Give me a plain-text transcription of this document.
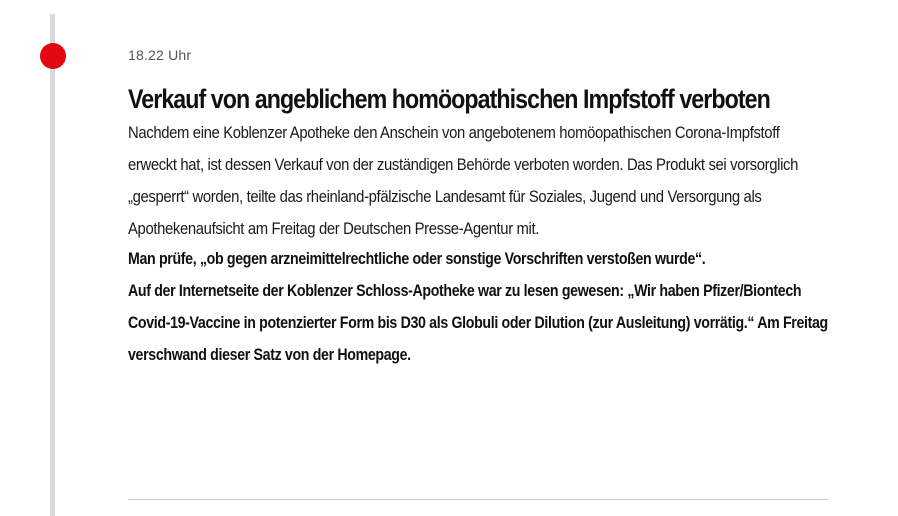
18.22 Uhr
Verkauf von angeblichem homöopathischen Impfstoff verboten

Nachdem eine Koblenzer Apotheke den Anschein von angebotenem homöopathischen Corona-Impfstoff erweckt hat, ist dessen Verkauf von der zuständigen Behörde verboten worden. Das Produkt sei vorsorglich „gesperrt“ worden, teilte das rheinland-pfälzische Landesamt für Soziales, Jugend und Versorgung als Apothekenaufsicht am Freitag der Deutschen Presse-Agentur mit.

Man prüfe, „ob gegen arzneimittelrechtliche oder sonstige Vorschriften verstoßen wurde“.

Auf der Internetseite der Koblenzer Schloss-Apotheke war zu lesen gewesen: „Wir haben Pfizer/Biontech Covid-19-Vaccine in potenzierter Form bis D30 als Globuli oder Dilution (zur Ausleitung) vorrätig.“ Am Freitag verschwand dieser Satz von der Homepage.
